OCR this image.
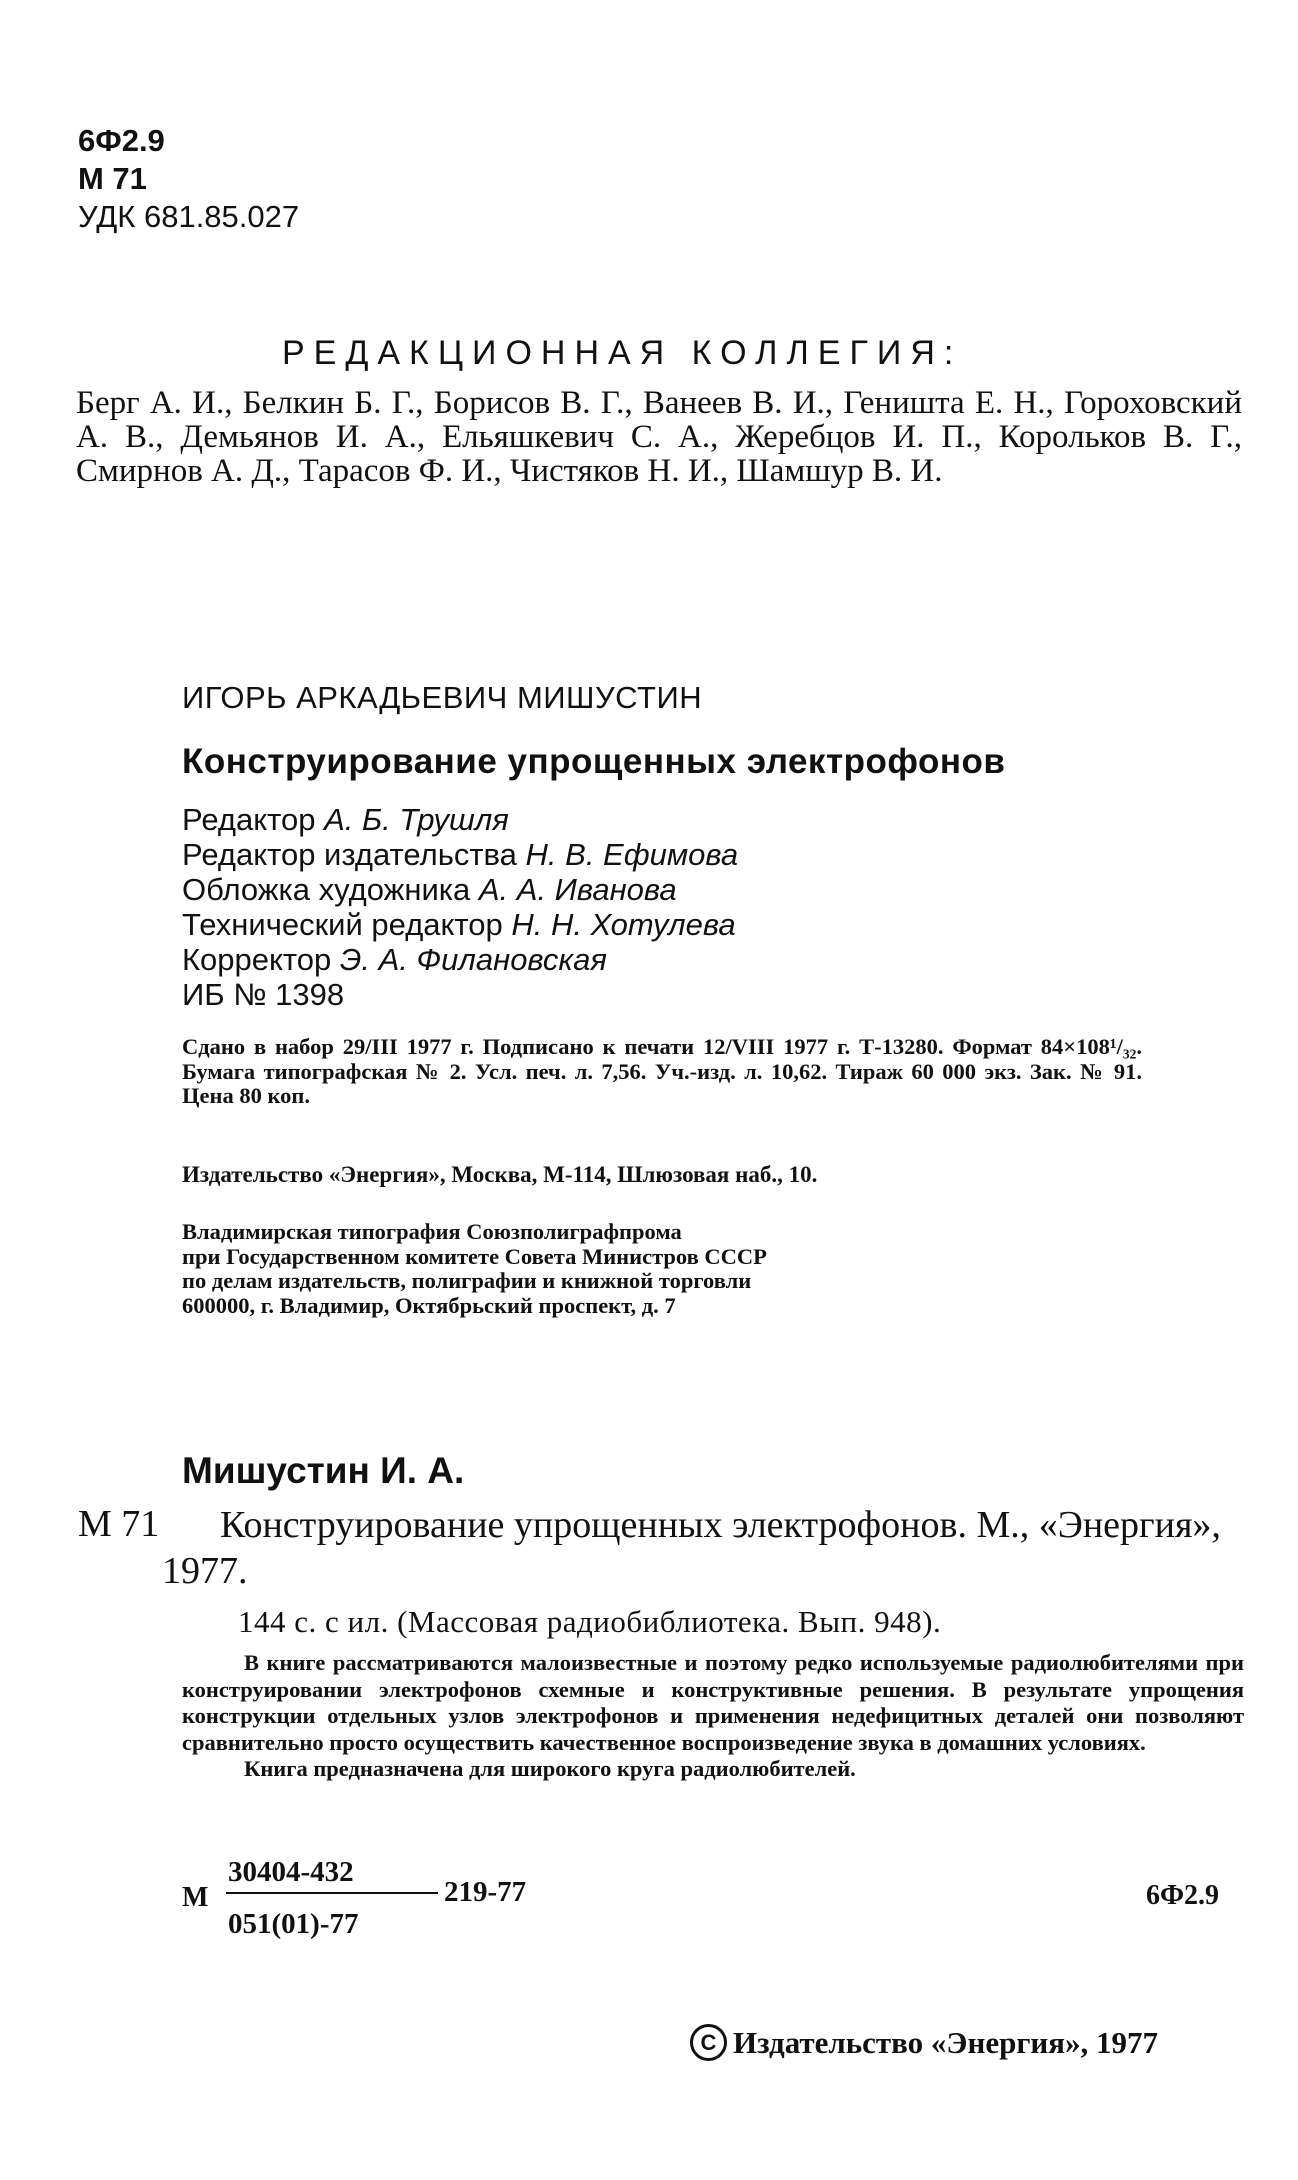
6Ф2.9
М 71
УДК 681.85.027
РЕДАКЦИОННАЯ КОЛЛЕГИЯ:
Берг А. И., Белкин Б. Г., Борисов В. Г., Ванеев В. И., Геништа Е. Н., Гороховский А. В., Демьянов И. А., Ельяшкевич С. А., Жеребцов И. П., Корольков В. Г., Смирнов А. Д., Тарасов Ф. И., Чистяков Н. И., Шамшур В. И.
ИГОРЬ АРКАДЬЕВИЧ МИШУСТИН
Конструирование упрощенных электрофонов
Редактор А. Б. Трушля
Редактор издательства Н. В. Ефимова
Обложка художника А. А. Иванова
Технический редактор Н. Н. Хотулева
Корректор Э. А. Филановская
ИБ № 1398
Сдано в набор 29/III 1977 г. Подписано к печати 12/VIII 1977 г. Т-13280. Формат 84×108¹/₃₂. Бумага типографская № 2. Усл. печ. л. 7,56. Уч.-изд. л. 10,62. Тираж 60 000 экз. Зак. № 91. Цена 80 коп.
Издательство «Энергия», Москва, М-114, Шлюзовая наб., 10.
Владимирская типография Союзполиграфпрома
при Государственном комитете Совета Министров СССР
по делам издательств, полиграфии и книжной торговли
600000, г. Владимир, Октябрьский проспект, д. 7
Мишустин И. А.
М 71	Конструирование упрощенных электрофонов. М., «Энергия», 1977.
144 с. с ил. (Массовая радиобиблиотека. Вып. 948).

В книге рассматриваются малоизвестные и поэтому редко используемые радиолюбителями при конструировании электрофонов схемные и конструктивные решения. В результате упрощения конструкции отдельных узлов электрофонов и применения недефицитных деталей они позволяют сравнительно просто осуществить качественное воспроизведение звука в домашних условиях.

Книга предназначена для широкого круга радиолюбителей.

М
30404-432
051(01)-77
219-77	6Ф2.9
С Издательство «Энергия», 1977
